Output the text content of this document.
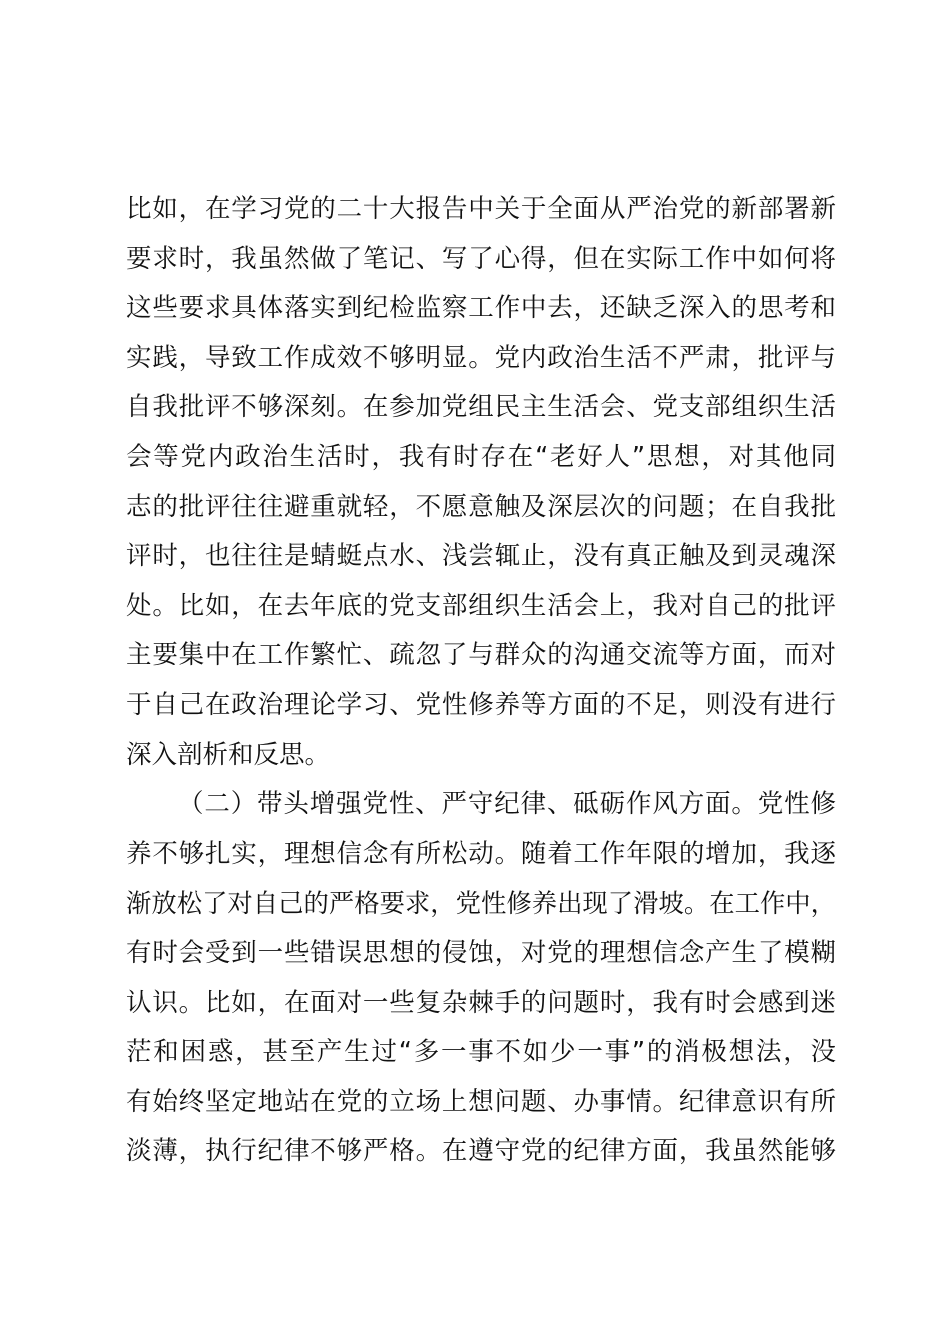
比如，在学习党的二十大报告中关于全面从严治党的新部署新
要求时，我虽然做了笔记、写了心得，但在实际工作中如何将
这些要求具体落实到纪检监察工作中去，还缺乏深入的思考和
实践，导致工作成效不够明显。党内政治生活不严肃，批评与
自我批评不够深刻。在参加党组民主生活会、党支部组织生活
会等党内政治生活时，我有时存在“老好人”思想，对其他同
志的批评往往避重就轻，不愿意触及深层次的问题；在自我批
评时，也往往是蜻蜓点水、浅尝辄止，没有真正触及到灵魂深
处。比如，在去年底的党支部组织生活会上，我对自己的批评
主要集中在工作繁忙、疏忽了与群众的沟通交流等方面，而对
于自己在政治理论学习、党性修养等方面的不足，则没有进行
深入剖析和反思。
（二）带头增强党性、严守纪律、砥砺作风方面。党性修
养不够扎实，理想信念有所松动。随着工作年限的增加，我逐
渐放松了对自己的严格要求，党性修养出现了滑坡。在工作中，
有时会受到一些错误思想的侵蚀，对党的理想信念产生了模糊
认识。比如，在面对一些复杂棘手的问题时，我有时会感到迷
茫和困惑，甚至产生过“多一事不如少一事”的消极想法，没
有始终坚定地站在党的立场上想问题、办事情。纪律意识有所
淡薄，执行纪律不够严格。在遵守党的纪律方面，我虽然能够
